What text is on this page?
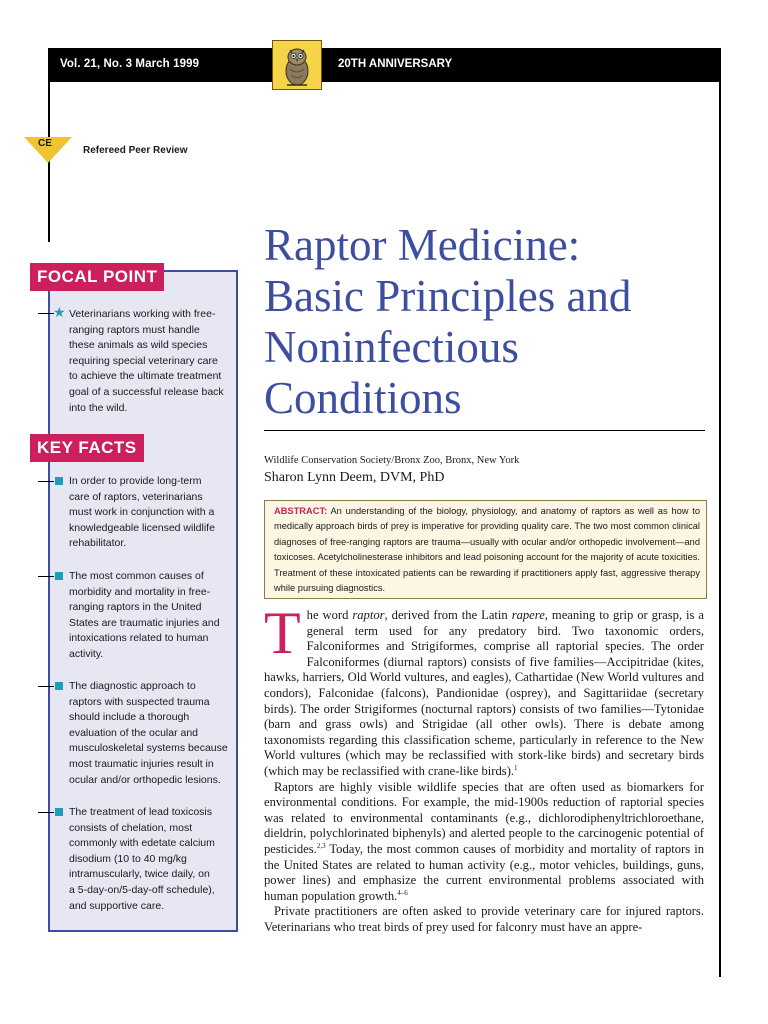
Vol. 21, No. 3 March 1999	20TH ANNIVERSARY
CE
Refereed Peer Review
FOCAL POINT
★ Veterinarians working with free-
ranging raptors must handle
these animals as wild species
requiring special veterinary care
to achieve the ultimate treatment
goal of a successful release back
into the wild.
KEY FACTS
In order to provide long-term
care of raptors, veterinarians
must work in conjunction with a
knowledgeable licensed wildlife
rehabilitator.
The most common causes of
morbidity and mortality in free-
ranging raptors in the United
States are traumatic injuries and
intoxications related to human
activity.
The diagnostic approach to
raptors with suspected trauma
should include a thorough
evaluation of the ocular and
musculoskeletal systems because
most traumatic injuries result in
ocular and/or orthopedic lesions.
The treatment of lead toxicosis
consists of chelation, most
commonly with edetate calcium
disodium (10 to 40 mg/kg
intramuscularly, twice daily, on
a 5-day-on/5-day-off schedule),
and supportive care.
Raptor Medicine:
Basic Principles and
Noninfectious
Conditions
Wildlife Conservation Society/Bronx Zoo, Bronx, New York
Sharon Lynn Deem, DVM, PhD
ABSTRACT: An understanding of the biology, physiology, and anatomy of raptors as well as how to medically approach birds of prey is imperative for providing quality care. The two most common clinical diagnoses of free-ranging raptors are trauma—usually with ocular and/or orthopedic involvement—and toxicoses. Acetylcholinesterase inhibitors and lead poisoning account for the majority of acute toxicities. Treatment of these intoxicated patients can be rewarding if practitioners apply fast, aggressive therapy while pursuing diagnostics.

The word raptor, derived from the Latin rapere, meaning to grip or grasp, is a general term used for any predatory bird. Two taxonomic orders, Falconiformes and Strigiformes, comprise all raptorial species. The order Falconiformes (diurnal raptors) consists of five families—Accipitridae (kites, hawks, harriers, Old World vultures, and eagles), Cathartidae (New World vultures and condors), Falconidae (falcons), Pandionidae (osprey), and Sagittariidae (secretary birds). The order Strigiformes (nocturnal raptors) consists of two families—Tytonidae (barn and grass owls) and Strigidae (all other owls). There is debate among taxonomists regarding this classification scheme, particularly in reference to the New World vultures (which may be reclassified with stork-like birds) and secretary birds (which may be reclassified with crane-like birds).$^1$

Raptors are highly visible wildlife species that are often used as biomarkers for environmental conditions. For example, the mid-1900s reduction of raptorial species was related to environmental contaminants (e.g., dichlorodiphenyltrichloroethane, dieldrin, polychlorinated biphenyls) and alerted people to the carcinogenic potential of pesticides.$^{2,3}$ Today, the most common causes of morbidity and mortality of raptors in the United States are related to human activity (e.g., motor vehicles, buildings, guns, power lines) and emphasize the current environmental problems associated with human population growth.$^{4-6}$

Private practitioners are often asked to provide veterinary care for injured raptors. Veterinarians who treat birds of prey used for falconry must have an appre-
